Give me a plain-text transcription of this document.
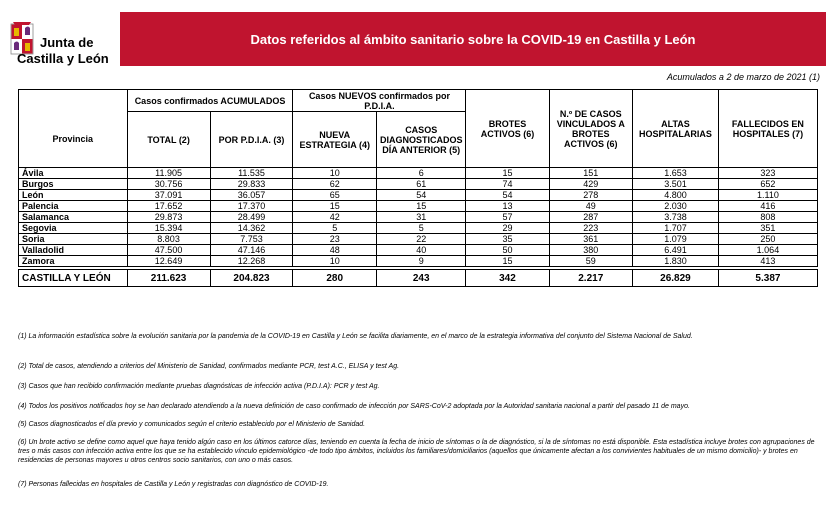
Junta de
Castilla y León
Datos referidos al ámbito sanitario sobre la COVID-19 en Castilla y León
Acumulados a 2 de marzo de 2021 (1)
	Casos confirmados ACUMULADOS		Casos NUEVOS confirmados por P.D.I.A.		BROTES ACTIVOS (6)	N.º DE CASOS VINCULADOS A BROTES ACTIVOS (6)	ALTAS HOSPITALARIAS	FALLECIDOS EN HOSPITALES (7)
Provincia	TOTAL (2)	POR P.D.I.A. (3)	NUEVA ESTRATEGIA (4)	CASOS DIAGNOSTICADOS DÍA ANTERIOR (5)				
Ávila	11.905	11.535	10	6	15	151	1.653	323
Burgos	30.756	29.833	62	61	74	429	3.501	652
León	37.091	36.057	65	54	54	278	4.800	1.110
Palencia	17.652	17.370	15	15	13	49	2.030	416
Salamanca	29.873	28.499	42	31	57	287	3.738	808
Segovia	15.394	14.362	5	5	29	223	1.707	351
Soria	8.803	7.753	23	22	35	361	1.079	250
Valladolid	47.500	47.146	48	40	50	380	6.491	1.064
Zamora	12.649	12.268	10	9	15	59	1.830	413

CASTILLA Y LEÓN	211.623	204.823	280	243	342	2.217	26.829	5.387
(1) La información estadística sobre la evolución sanitaria por la pandemia de la COVID-19 en Castilla y León se facilita diariamente, en el marco de la estrategia informativa del conjunto del Sistema Nacional de Salud.
(2) Total de casos, atendiendo a criterios del Ministerio de Sanidad, confirmados mediante PCR, test A.C., ELISA y test Ag.
(3) Casos que han recibido confirmación mediante pruebas diagnósticas de infección activa (P.D.I.A): PCR y test Ag.
(4) Todos los positivos notificados hoy se han declarado atendiendo a la nueva definición de caso confirmado de infección por SARS-CoV-2 adoptada por la Autoridad sanitaria nacional a partir del pasado 11 de mayo.
(5) Casos diagnosticados el día previo y comunicados según el criterio establecido por el Ministerio de Sanidad.
(6) Un brote activo se define como aquel que haya tenido algún caso en los últimos catorce días, teniendo en cuenta la fecha de inicio de síntomas o la de diagnóstico, si la de síntomas no está disponible. Esta estadística incluye brotes con agrupaciones de tres o más casos con infección activa entre los que se ha establecido vínculo epidemiológico -de todo tipo ámbitos, incluidos los familiares/domiciliarios (aquellos que únicamente afectan a los convivientes habituales de un mismo domicilio)- y brotes en residencias de personas mayores u otros centros socio sanitarios, con uno o más casos.
(7) Personas fallecidas en hospitales de Castilla y León y registradas con diagnóstico de COVID-19.
